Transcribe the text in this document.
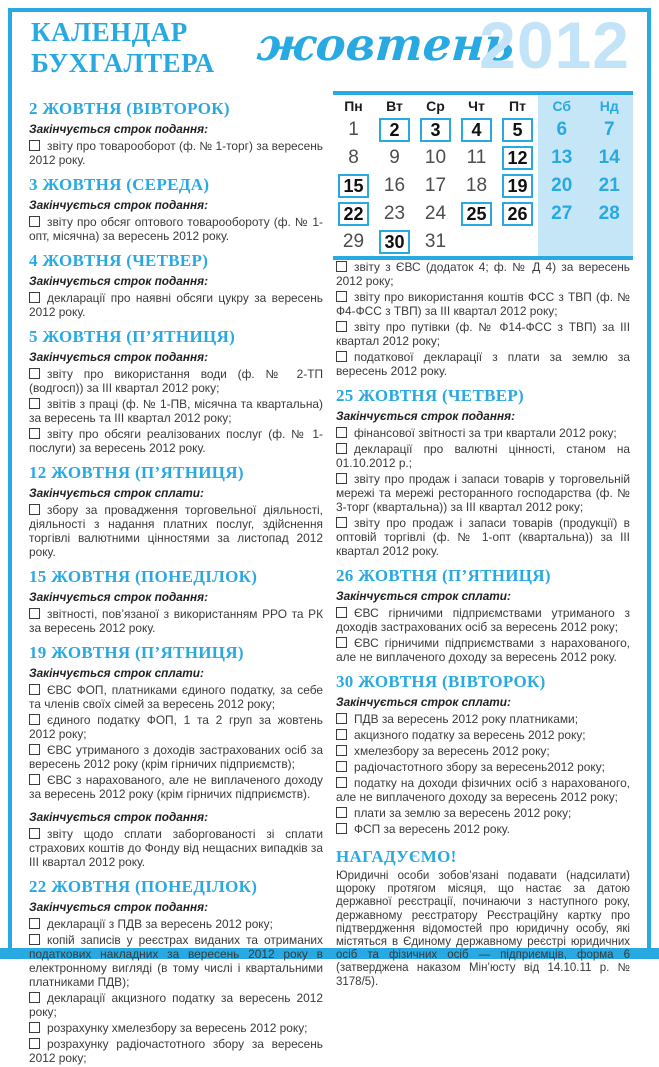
КАЛЕНДАР
БУХГАЛТЕРА жовтень
2012
2 ЖОВТНЯ (ВІВТОРОК)
Закінчується строк подання:
звіту про товарооборот (ф. № 1-торг) за вересень 2012 року.
3 ЖОВТНЯ (СЕРЕДА)
Закінчується строк подання:
звіту про обсяг оптового товарообороту (ф. № 1-опт, місячна) за вересень 2012 року.
4 ЖОВТНЯ (ЧЕТВЕР)
Закінчується строк подання:
декларації про наявні обсяги цукру за вересень 2012 року.
5 ЖОВТНЯ (П’ЯТНИЦЯ)
Закінчується строк подання:
звіту про використання води (ф. № 2-ТП (водгосп)) за III квартал 2012 року;
звітів з праці (ф. № 1-ПВ, місячна та квартальна) за вересень та III квартал 2012 року;
звіту про обсяги реалізованих послуг (ф. № 1-послуги) за вересень 2012 року.
12 ЖОВТНЯ (П’ЯТНИЦЯ)
Закінчується строк сплати:
збору за провадження торговельної діяльності, діяльності з надання платних послуг, здійснення торгівлі валютними цінностями за листопад 2012 року.
15 ЖОВТНЯ (ПОНЕДІЛОК)
Закінчується строк подання:
звітності, пов’язаної з використанням РРО та РК за вересень 2012 року.
19 ЖОВТНЯ (П’ЯТНИЦЯ)
Закінчується строк сплати:
ЄВС ФОП, платниками єдиного податку, за себе та членів своїх сімей за вересень 2012 року;
єдиного податку ФОП, 1 та 2 груп за жовтень 2012 року;
ЄВС утриманого з доходів застрахованих осіб за вересень 2012 року (крім гірничих підприємств);
ЄВС з нарахованого, але не виплаченого доходу за вересень 2012 року (крім гірничих підприємств).
Закінчується строк подання:
звіту щодо сплати заборгованості зі сплати страхових коштів до Фонду від нещасних випадків за III квартал 2012 року.
22 ЖОВТНЯ (ПОНЕДІЛОК)
Закінчується строк подання:
декларації з ПДВ за вересень 2012 року;
копій записів у реєстрах виданих та отриманих податкових накладних за вересень 2012 року в електронному вигляді (в тому числі і квартальними платниками ПДВ);
декларації акцизного податку за вересень 2012 року;
розрахунку хмелезбору за вересень 2012 року;
розрахунку радіочастотного збору за вересень 2012 року;
Пн	Вт	Ср	Чт	Пт	Сб	Нд
1	2	3	4	5	6	7
8	9	10	11	12	13	14
15	16	17	18	19	20	21
22	23	24	25	26	27	28
29	30	31
звіту з ЄВС (додаток 4; ф. № Д 4) за вересень 2012 року;
звіту про використання коштів ФСС з ТВП (ф. № Ф4-ФСС з ТВП) за III квартал 2012 року;
звіту про путівки (ф. № Ф14-ФСС з ТВП) за III квартал 2012 року;
податкової декларації з плати за землю за вересень 2012 року.
25 ЖОВТНЯ (ЧЕТВЕР)
Закінчується строк подання:
фінансової звітності за три квартали 2012 року;
декларації про валютні цінності, станом на 01.10.2012 р.;
звіту про продаж і запаси товарів у торговельній мережі та мережі ресторанного господарства (ф. № 3-торг (квартальна)) за III квартал 2012 року;
звіту про продаж і запаси товарів (продукції) в оптовій торгівлі (ф. № 1-опт (квартальна)) за III квартал 2012 року.
26 ЖОВТНЯ (П’ЯТНИЦЯ)
Закінчується строк сплати:
ЄВС гірничими підприємствами утриманого з доходів застрахованих осіб за вересень 2012 року;
ЄВС гірничими підприємствами з нарахованого, але не виплаченого доходу за вересень 2012 року.
30 ЖОВТНЯ (ВІВТОРОК)
Закінчується строк сплати:
ПДВ за вересень 2012 року платниками;
акцизного податку за вересень 2012 року;
хмелезбору за вересень 2012 року;
радіочастотного збору за вересень2012 року;
податку на доходи фізичних осіб з нарахованого, але не виплаченого доходу за вересень 2012 року;
плати за землю за вересень 2012 року;
ФСП за вересень 2012 року.
НАГАДУЄМО!
Юридичні особи зобов’язані подавати (надсилати) щороку протягом місяця, що настає за датою державної реєстрації, починаючи з наступного року, державному реєстратору Реєстраційну картку про підтвердження відомостей про юридичну особу, які містяться в Єдиному державному реєстрі юридичних осіб та фізичних осіб — підприємців, форма 6 (затверджена наказом Мін’юсту від 14.10.11 р. № 3178/5).
